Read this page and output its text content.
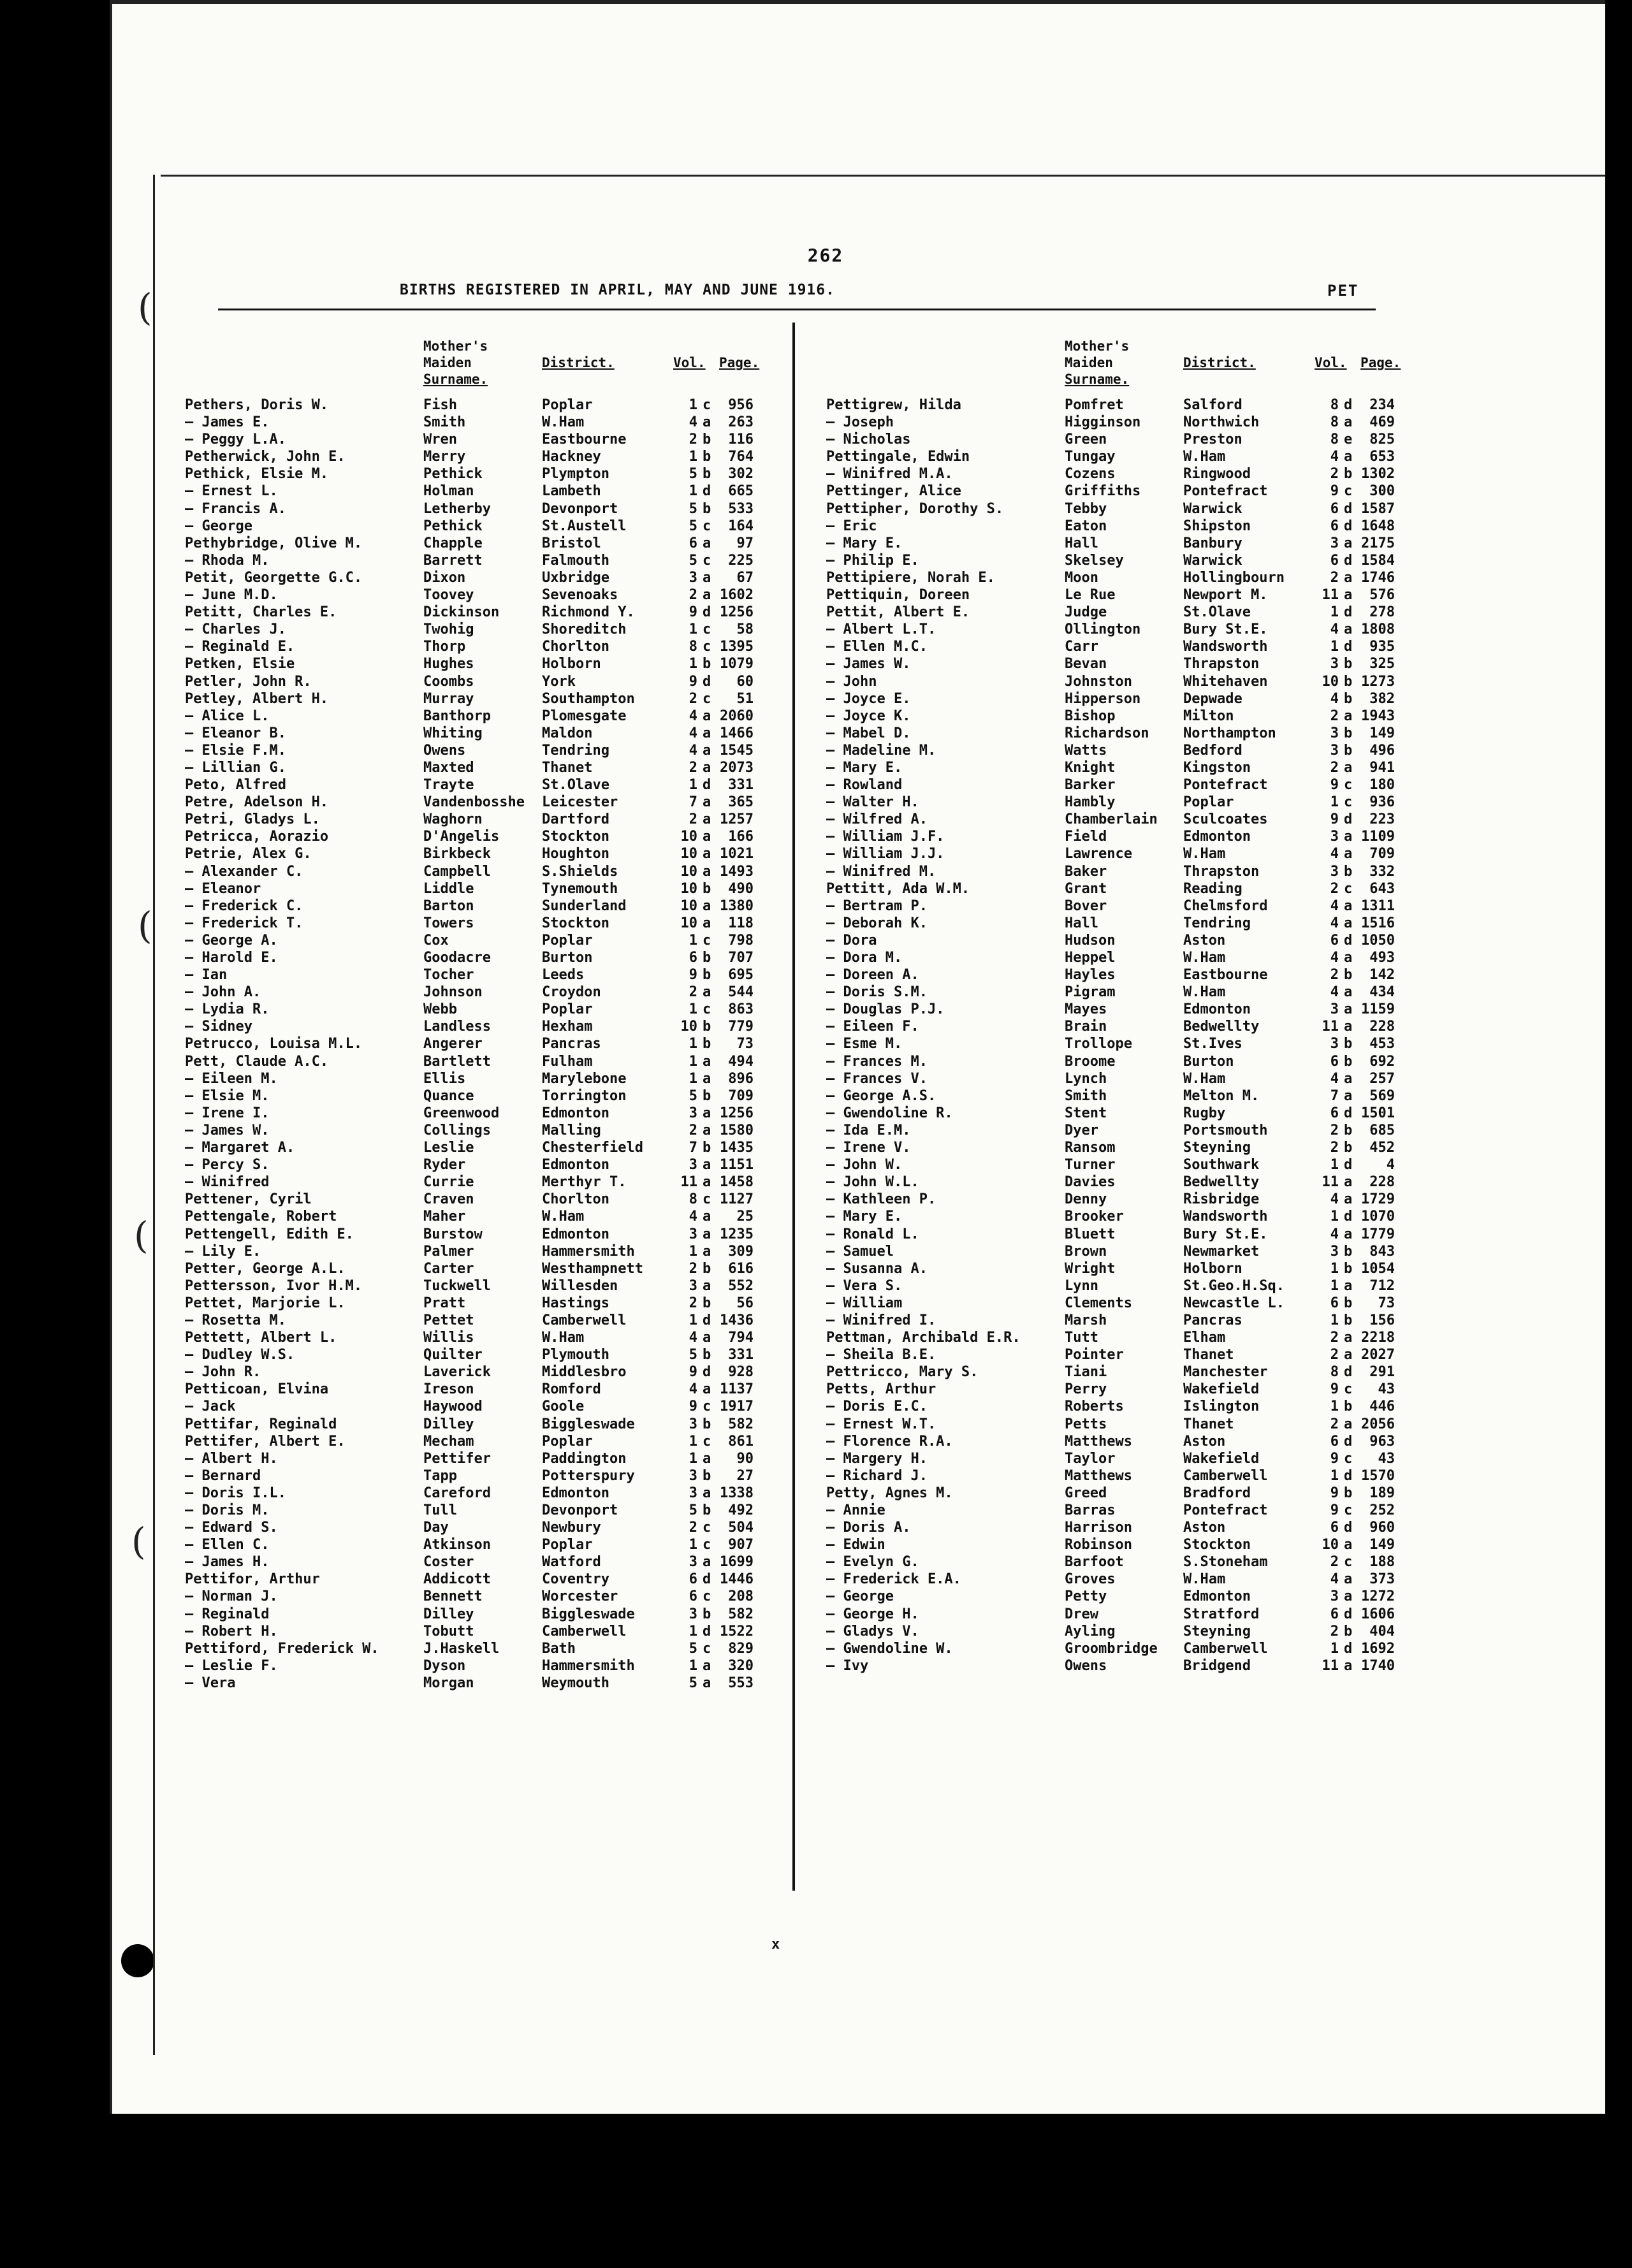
(
(
(
(
262
BIRTHS REGISTERED IN APRIL, MAY AND JUNE 1916.	PET
Mother's
Maiden
Surname.
District.	Vol. Page.
Pethers, Doris W.	Fish	Poplar	1 c	956
— James E.	Smith	W.Ham	4 a	263
— Peggy L.A.	Wren	Eastbourne	2 b	116
Petherwick, John E.	Merry	Hackney	1 b	764
Pethick, Elsie M.	Pethick	Plympton	5 b	302
— Ernest L.	Holman	Lambeth	1 d	665
— Francis A.	Letherby	Devonport	5 b	533
— George	Pethick	St.Austell	5 c	164
Pethybridge, Olive M.	Chapple	Bristol	6 a	97
— Rhoda M.	Barrett	Falmouth	5 c	225
Petit, Georgette G.C.	Dixon	Uxbridge	3 a	67
— June M.D.	Toovey	Sevenoaks	2 a 1602
Petitt, Charles E.	Dickinson	Richmond Y.	9 d 1256
— Charles J.	Twohig	Shoreditch	1 c	58
— Reginald E.	Thorp	Chorlton	8 c 1395
Petken, Elsie	Hughes	Holborn	1 b 1079
Petler, John R.	Coombs	York	9 d	60
Petley, Albert H.	Murray	Southampton	2 c	51
— Alice L.	Banthorp	Plomesgate	4 a 2060
— Eleanor B.	Whiting	Maldon	4 a 1466
— Elsie F.M.	Owens	Tendring	4 a 1545
— Lillian G.	Maxted	Thanet	2 a 2073
Peto, Alfred	Trayte	St.Olave	1 d	331
Petre, Adelson H.	Vandenbosshe Leicester	7 a	365
Petri, Gladys L.	Waghorn	Dartford	2 a 1257
Petricca, Aorazio	D'Angelis	Stockton	10 a	166
Petrie, Alex G.	Birkbeck	Houghton	10 a 1021
— Alexander C.	Campbell	S.Shields	10 a 1493
— Eleanor	Liddle	Tynemouth	10 b	490
— Frederick C.	Barton	Sunderland	10 a 1380
— Frederick T.	Towers	Stockton	10 a	118
— George A.	Cox	Poplar	1 c	798
— Harold E.	Goodacre	Burton	6 b	707
— Ian	Tocher	Leeds	9 b	695
— John A.	Johnson	Croydon	2 a	544
— Lydia R.	Webb	Poplar	1 c	863
— Sidney	Landless	Hexham	10 b	779
Petrucco, Louisa M.L.	Angerer	Pancras	1 b	73
Pett, Claude A.C.	Bartlett	Fulham	1 a	494
— Eileen M.	Ellis	Marylebone	1 a	896
— Elsie M.	Quance	Torrington	5 b	709
— Irene I.	Greenwood	Edmonton	3 a 1256
— James W.	Collings	Malling	2 a 1580
— Margaret A.	Leslie	Chesterfield	7 b 1435
— Percy S.	Ryder	Edmonton	3 a 1151
— Winifred	Currie	Merthyr T.	11 a 1458
Pettener, Cyril	Craven	Chorlton	8 c 1127
Pettengale, Robert	Maher	W.Ham	4 a	25
Pettengell, Edith E.	Burstow	Edmonton	3 a 1235
— Lily E.	Palmer	Hammersmith	1 a	309
Petter, George A.L.	Carter	Westhampnett	2 b	616
Pettersson, Ivor H.M.	Tuckwell	Willesden	3 a	552
Pettet, Marjorie L.	Pratt	Hastings	2 b	56
— Rosetta M.	Pettet	Camberwell	1 d 1436
Pettett, Albert L.	Willis	W.Ham	4 a	794
— Dudley W.S.	Quilter	Plymouth	5 b	331
— John R.	Laverick	Middlesbro	9 d	928
Petticoan, Elvina	Ireson	Romford	4 a 1137
— Jack	Haywood	Goole	9 c 1917
Pettifar, Reginald	Dilley	Biggleswade	3 b	582
Pettifer, Albert E.	Mecham	Poplar	1 c	861
— Albert H.	Pettifer	Paddington	1 a	90
— Bernard	Tapp	Potterspury	3 b	27
— Doris I.L.	Careford	Edmonton	3 a 1338
— Doris M.	Tull	Devonport	5 b	492
— Edward S.	Day	Newbury	2 c	504
— Ellen C.	Atkinson	Poplar	1 c	907
— James H.	Coster	Watford	3 a 1699
Pettifor, Arthur	Addicott	Coventry	6 d 1446
— Norman J.	Bennett	Worcester	6 c	208
— Reginald	Dilley	Biggleswade	3 b	582
— Robert H.	Tobutt	Camberwell	1 d 1522
Pettiford, Frederick W.	J.Haskell	Bath	5 c	829
— Leslie F.	Dyson	Hammersmith	1 a	320
— Vera	Morgan	Weymouth	5 a	553
Mother's
Maiden
Surname.
District.	Vol. Page.
Pettigrew, Hilda	Pomfret	Salford	8 d	234
— Joseph	Higginson	Northwich	8 a	469
— Nicholas	Green	Preston	8 e	825
Pettingale, Edwin	Tungay	W.Ham	4 a	653
— Winifred M.A.	Cozens	Ringwood	2 b 1302
Pettinger, Alice	Griffiths	Pontefract	9 c	300
Pettipher, Dorothy S.	Tebby	Warwick	6 d 1587
— Eric	Eaton	Shipston	6 d 1648
— Mary E.	Hall	Banbury	3 a 2175
— Philip E.	Skelsey	Warwick	6 d 1584
Pettipiere, Norah E.	Moon	Hollingbourn	2 a 1746
Pettiquin, Doreen	Le Rue	Newport M.	11 a	576
Pettit, Albert E.	Judge	St.Olave	1 d	278
— Albert L.T.	Ollington	Bury St.E.	4 a 1808
— Ellen M.C.	Carr	Wandsworth	1 d	935
— James W.	Bevan	Thrapston	3 b	325
— John	Johnston	Whitehaven	10 b 1273
— Joyce E.	Hipperson	Depwade	4 b	382
— Joyce K.	Bishop	Milton	2 a 1943
— Mabel D.	Richardson Northampton	3 b	149
— Madeline M.	Watts	Bedford	3 b	496
— Mary E.	Knight	Kingston	2 a	941
— Rowland	Barker	Pontefract	9 c	180
— Walter H.	Hambly	Poplar	1 c	936
— Wilfred A.	Chamberlain Sculcoates	9 d	223
— William J.F.	Field	Edmonton	3 a 1109
— William J.J.	Lawrence	W.Ham	4 a	709
— Winifred M.	Baker	Thrapston	3 b	332
Pettitt, Ada W.M.	Grant	Reading	2 c	643
— Bertram P.	Bover	Chelmsford	4 a 1311
— Deborah K.	Hall	Tendring	4 a 1516
— Dora	Hudson	Aston	6 d 1050
— Dora M.	Heppel	W.Ham	4 a	493
— Doreen A.	Hayles	Eastbourne	2 b	142
— Doris S.M.	Pigram	W.Ham	4 a	434
— Douglas P.J.	Mayes	Edmonton	3 a 1159
— Eileen F.	Brain	Bedwellty	11 a	228
— Esme M.	Trollope	St.Ives	3 b	453
— Frances M.	Broome	Burton	6 b	692
— Frances V.	Lynch	W.Ham	4 a	257
— George A.S.	Smith	Melton M.	7 a	569
— Gwendoline R.	Stent	Rugby	6 d 1501
— Ida E.M.	Dyer	Portsmouth	2 b	685
— Irene V.	Ransom	Steyning	2 b	452
— John W.	Turner	Southwark	1 d	4
— John W.L.	Davies	Bedwellty	11 a	228
— Kathleen P.	Denny	Risbridge	4 a 1729
— Mary E.	Brooker	Wandsworth	1 d 1070
— Ronald L.	Bluett	Bury St.E.	4 a 1779
— Samuel	Brown	Newmarket	3 b	843
— Susanna A.	Wright	Holborn	1 b 1054
— Vera S.	Lynn	St.Geo.H.Sq.	1 a	712
— William	Clements	Newcastle L.	6 b	73
— Winifred I.	Marsh	Pancras	1 b	156
Pettman, Archibald E.R.	Tutt	Elham	2 a 2218
— Sheila B.E.	Pointer	Thanet	2 a 2027
Pettricco, Mary S.	Tiani	Manchester	8 d	291
Petts, Arthur	Perry	Wakefield	9 c	43
— Doris E.C.	Roberts	Islington	1 b	446
— Ernest W.T.	Petts	Thanet	2 a 2056
— Florence R.A.	Matthews	Aston	6 d	963
— Margery H.	Taylor	Wakefield	9 c	43
— Richard J.	Matthews	Camberwell	1 d 1570
Petty, Agnes M.	Greed	Bradford	9 b	189
— Annie	Barras	Pontefract	9 c	252
— Doris A.	Harrison	Aston	6 d	960
— Edwin	Robinson	Stockton	10 a	149
— Evelyn G.	Barfoot	S.Stoneham	2 c	188
— Frederick E.A.	Groves	W.Ham	4 a	373
— George	Petty	Edmonton	3 a 1272
— George H.	Drew	Stratford	6 d 1606
— Gladys V.	Ayling	Steyning	2 b	404
— Gwendoline W.	Groombridge Camberwell	1 d 1692
— Ivy	Owens	Bridgend	11 a 1740
x
